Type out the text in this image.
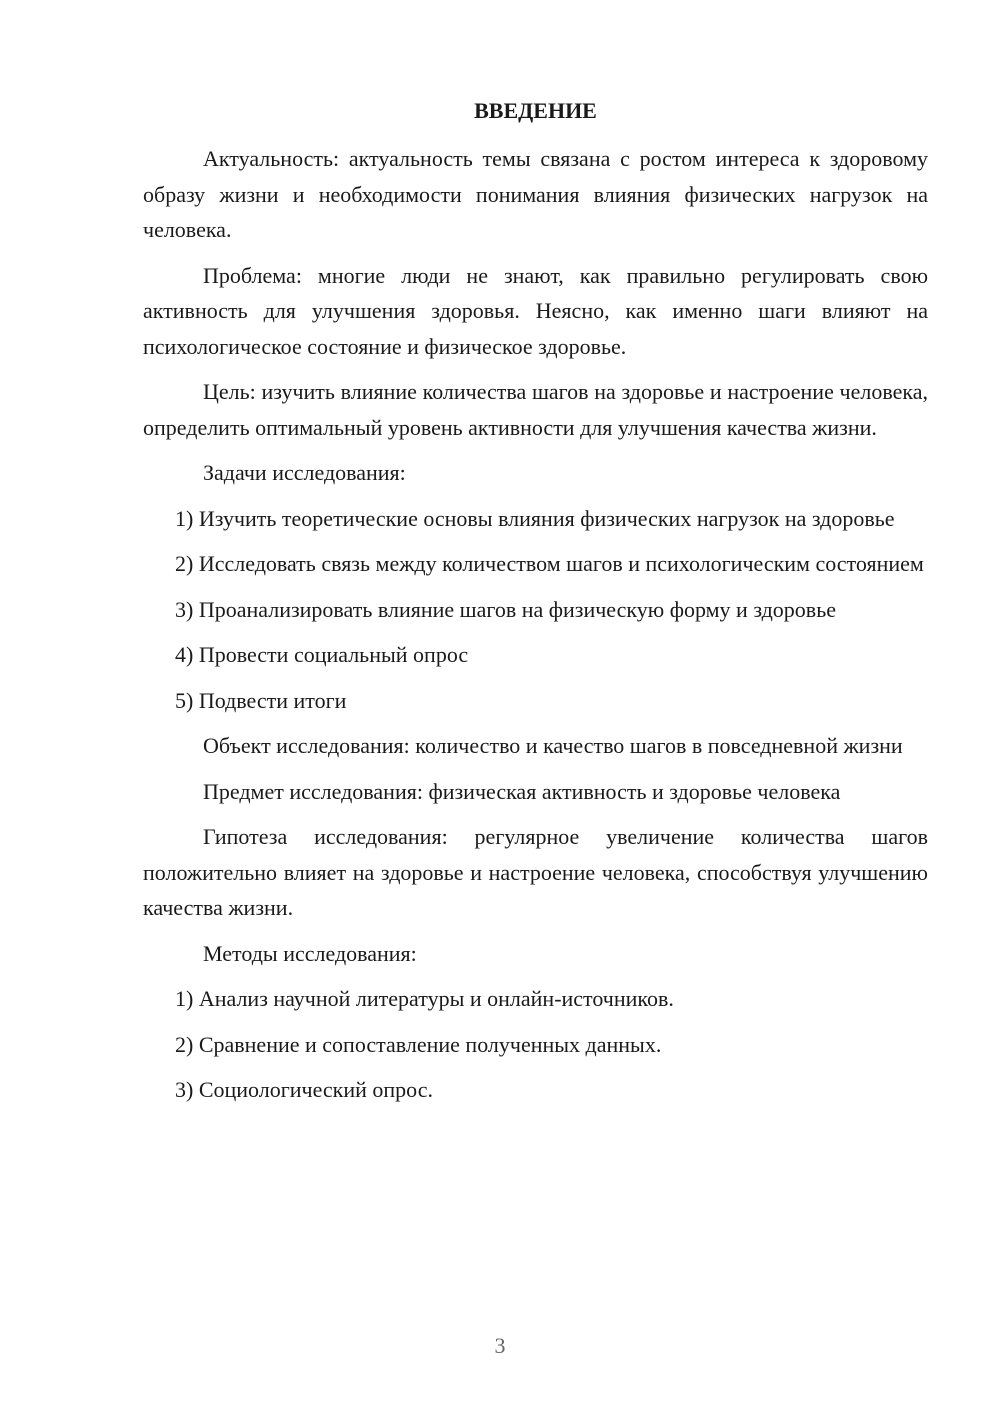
ВВЕДЕНИЕ

Актуальность: актуальность темы связана с ростом интереса к здоровому образу жизни и необходимости понимания влияния физических нагрузок на человека.

Проблема: многие люди не знают, как правильно регулировать свою активность для улучшения здоровья. Неясно, как именно шаги влияют на психологическое состояние и физическое здоровье.

Цель: изучить влияние количества шагов на здоровье и настроение человека, определить оптимальный уровень активности для улучшения качества жизни.

Задачи исследования:

1) Изучить теоретические основы влияния физических нагрузок на здоровье

2) Исследовать связь между количеством шагов и психологическим состоянием

3) Проанализировать влияние шагов на физическую форму и здоровье

4) Провести социальный опрос

5) Подвести итоги

Объект исследования: количество и качество шагов в повседневной жизни

Предмет исследования: физическая активность и здоровье человека

Гипотеза исследования: регулярное увеличение количества шагов положительно влияет на здоровье и настроение человека, способствуя улучшению качества жизни.

Методы исследования:

1) Анализ научной литературы и онлайн-источников.

2) Сравнение и сопоставление полученных данных.

3) Социологический опрос.

3
